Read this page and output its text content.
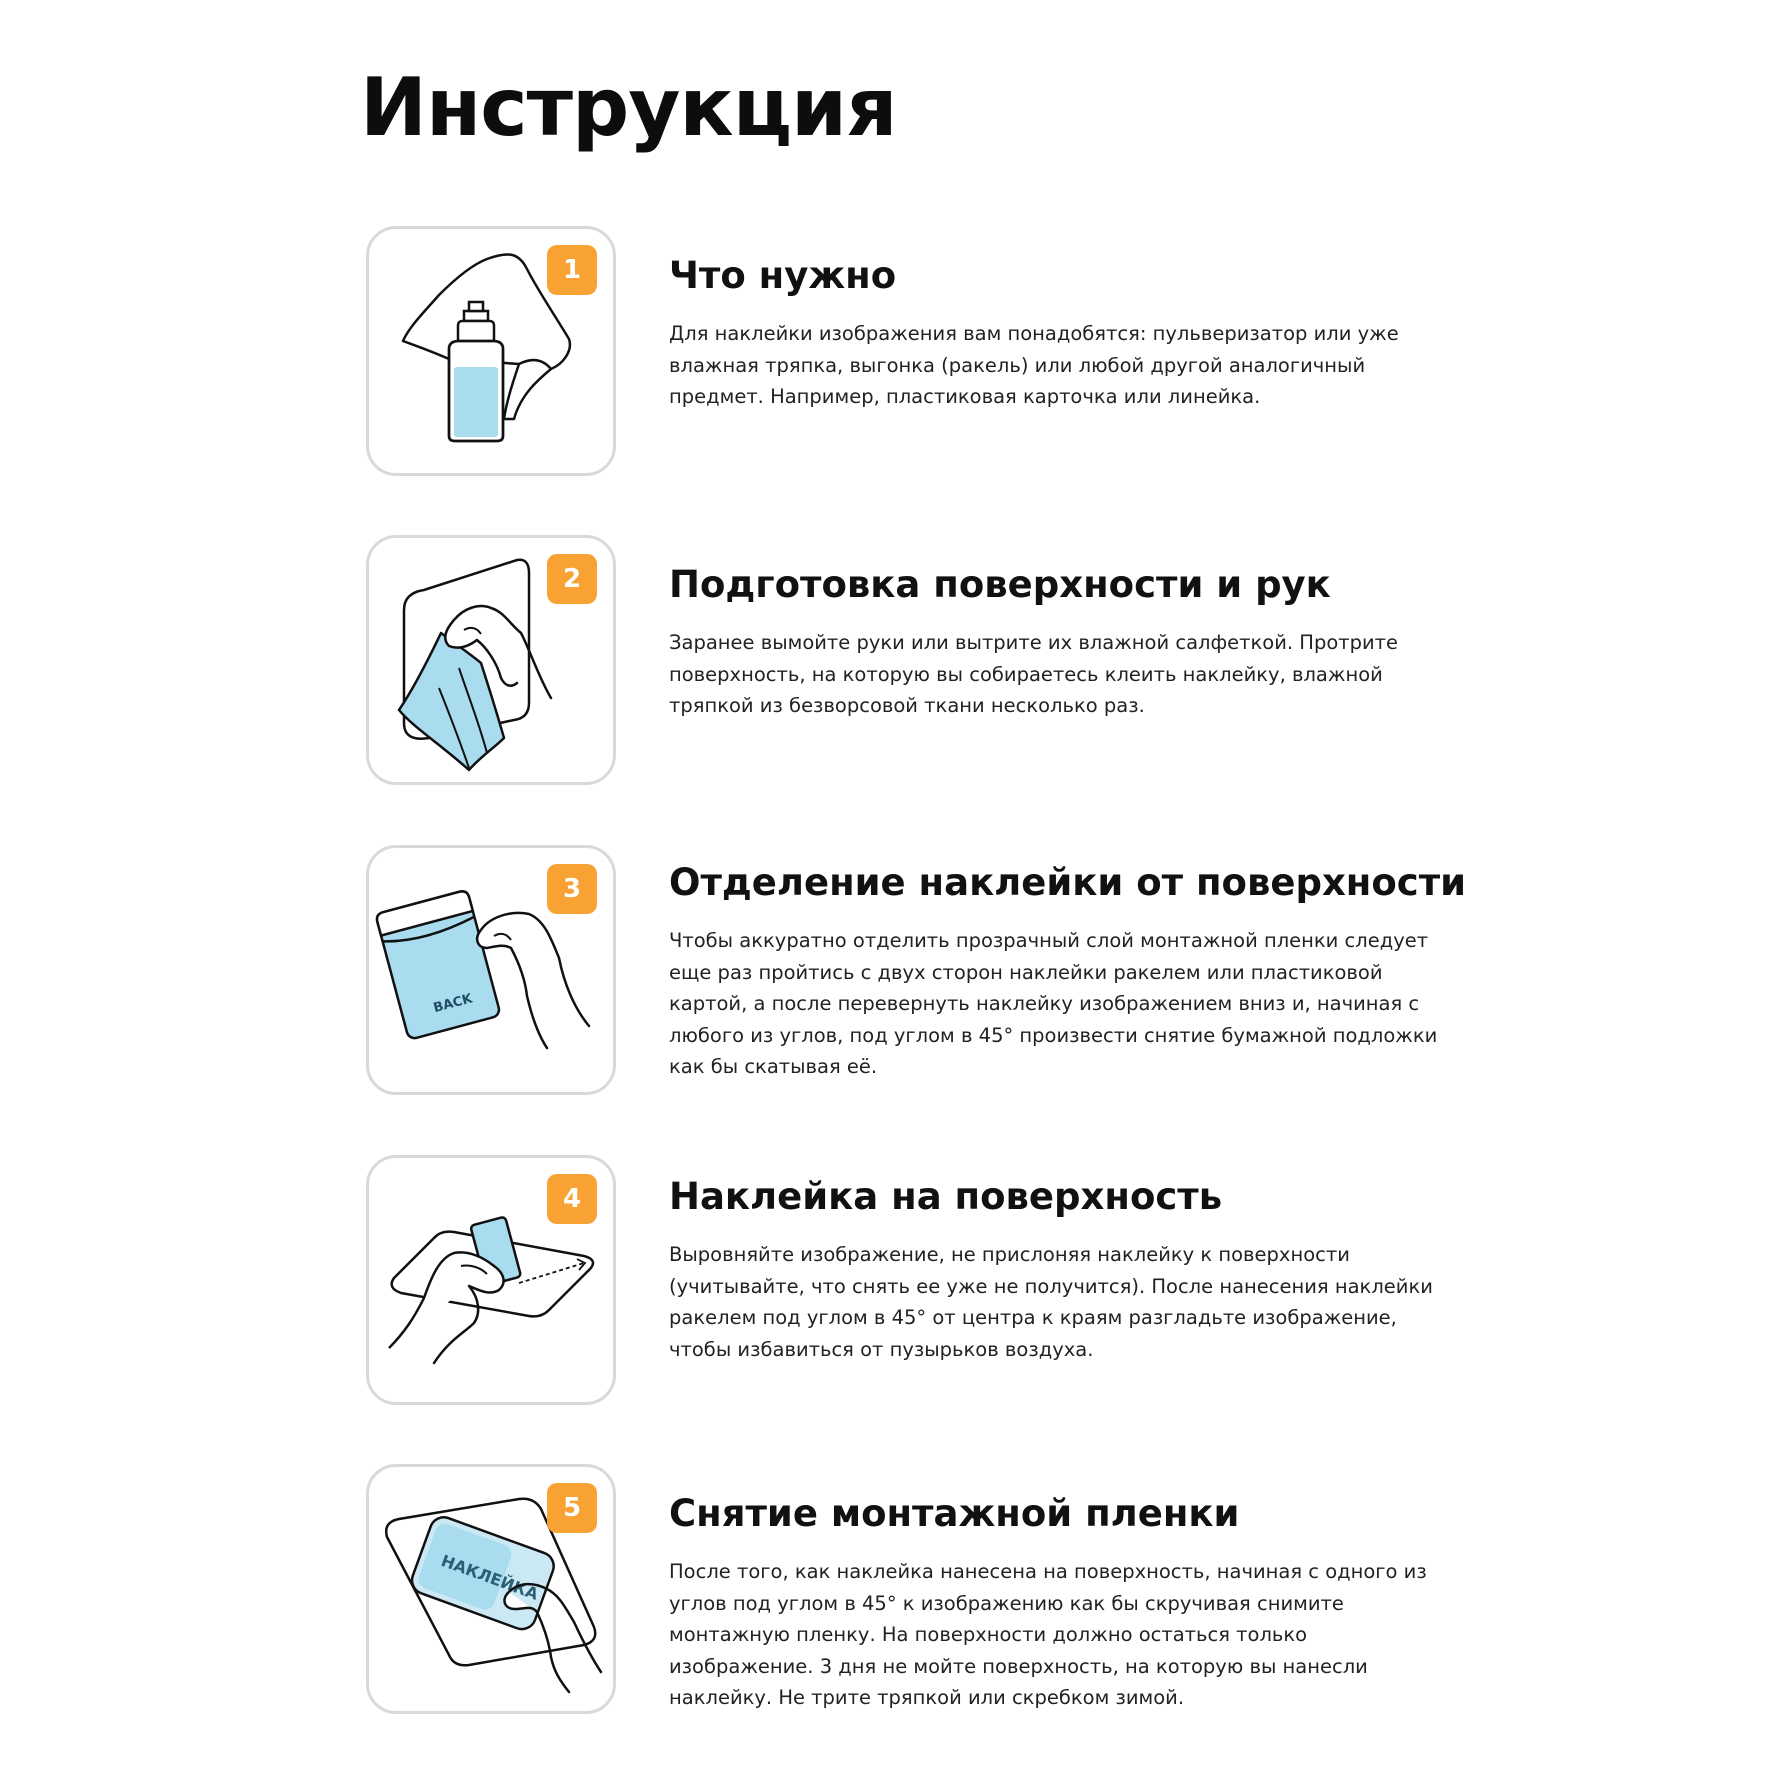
Инструкция
1	Что нужно

Для наклейки изображения вам понадобятся: пульверизатор или уже влажная тряпка, выгонка (ракель) или любой другой аналогичный предмет. Например, пластиковая карточка или линейка.

2	Подготовка поверхности и рук

Заранее вымойте руки или вытрите их влажной салфеткой. Протрите поверхность, на которую вы собираетесь клеить наклейку, влажной тряпкой из безворсовой ткани несколько раз.

BACK
3	Отделение наклейки от поверхности

Чтобы аккуратно отделить прозрачный слой монтажной пленки следует еще раз пройтись с двух сторон наклейки ракелем или пластиковой картой, а после перевернуть наклейку изображением вниз и, начиная с любого из углов, под углом в 45° произвести снятие бумажной подложки как бы скатывая её.

4	Наклейка на поверхность

Выровняйте изображение, не прислоняя наклейку к поверхности (учитывайте, что снять ее уже не получится). После нанесения наклейки ракелем под углом в 45° от центра к краям разгладьте изображение, чтобы избавиться от пузырьков воздуха.

НАКЛЕЙКА
5	Снятие монтажной пленки

После того, как наклейка нанесена на поверхность, начиная с одного из углов под углом в 45° к изображению как бы скручивая снимите монтажную пленку. На поверхности должно остаться только изображение. 3 дня не мойте поверхность, на которую вы нанесли наклейку. Не трите тряпкой или скребком зимой.
